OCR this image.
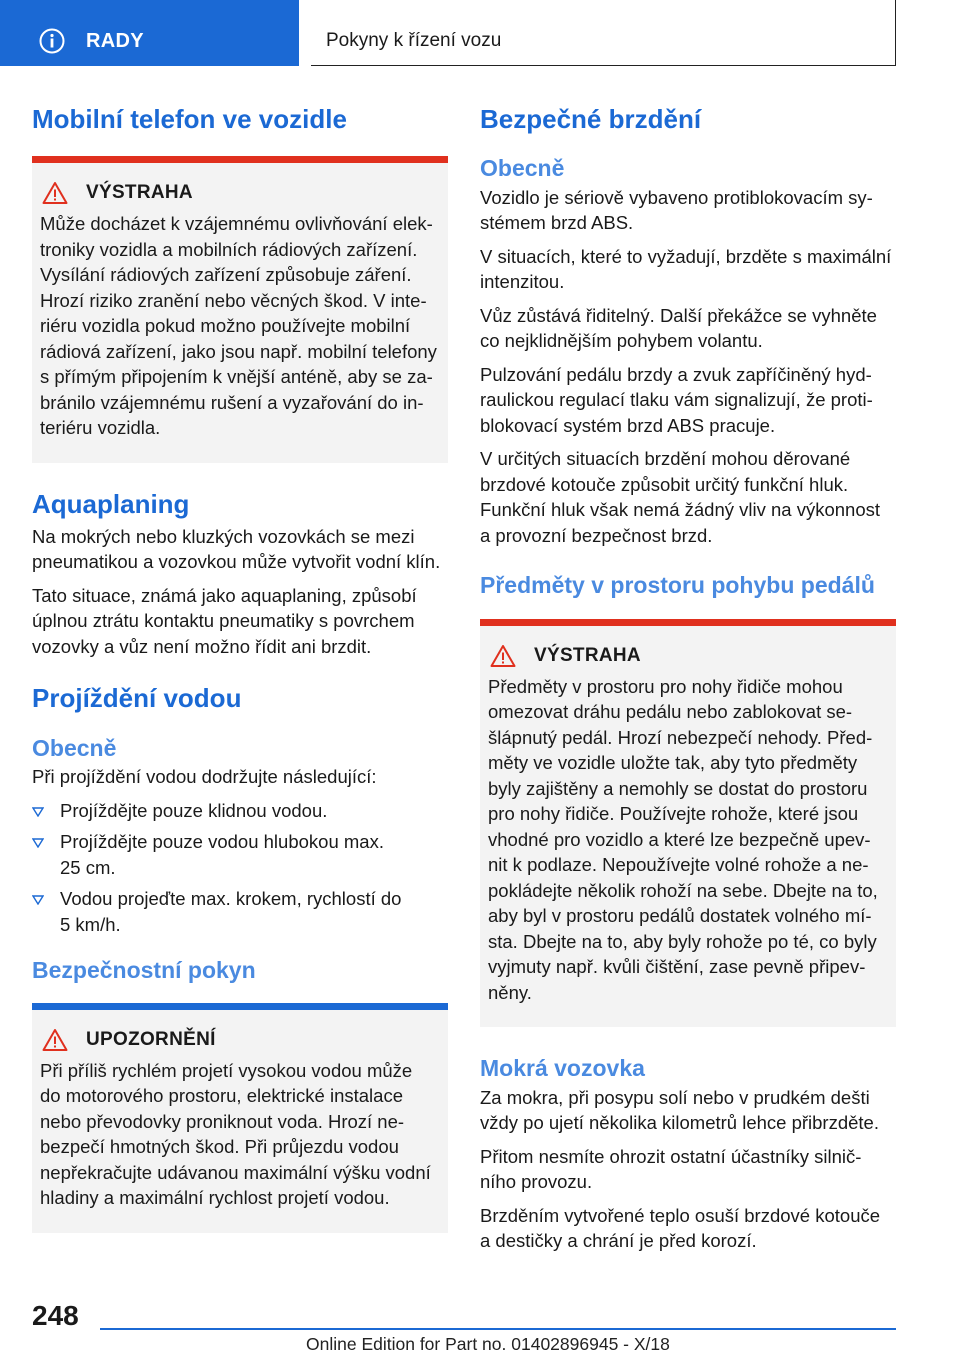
RADY	Pokyny k řízení vozu
Mobilní telefon ve vozidle
VÝSTRAHA

Může docházet k vzájemnému ovlivňování elek-
troniky vozidla a mobilních rádiových zařízení.
Vysílání rádiových zařízení způsobuje záření.
Hrozí riziko zranění nebo věcných škod. V inte-
riéru vozidla pokud možno používejte mobilní
rádiová zařízení, jako jsou např. mobilní telefony
s přímým připojením k vnější anténě, aby se za-
bránilo vzájemnému rušení a vyzařování do in-
teriéru vozidla.

Aquaplaning

Na mokrých nebo kluzkých vozovkách se mezi
pneumatikou a vozovkou může vytvořit vodní klín.

Tato situace, známá jako aquaplaning, způsobí
úplnou ztrátu kontaktu pneumatiky s povrchem
vozovky a vůz není možno řídit ani brzdit.

Projíždění vodou
Obecně

Při projíždění vodou dodržujte následující:

Projíždějte pouze klidnou vodou.
Projíždějte pouze vodou hlubokou max.
25 cm.
Vodou projeďte max. krokem, rychlostí do
5 km/h.
Bezpečnostní pokyn
UPOZORNĚNÍ

Při příliš rychlém projetí vysokou vodou může
do motorového prostoru, elektrické instalace
nebo převodovky proniknout voda. Hrozí ne-
bezpečí hmotných škod. Při průjezdu vodou
nepřekračujte udávanou maximální výšku vodní
hladiny a maximální rychlost projetí vodou.

Bezpečné brzdění
Obecně

Vozidlo je sériově vybaveno protiblokovacím sy-
stémem brzd ABS.

V situacích, které to vyžadují, brzděte s maximální
intenzitou.

Vůz zůstává řiditelný. Další překážce se vyhněte
co nejklidnějším pohybem volantu.

Pulzování pedálu brzdy a zvuk zapříčiněný hyd-
raulickou regulací tlaku vám signalizují, že proti-
blokovací systém brzd ABS pracuje.

V určitých situacích brzdění mohou děrované
brzdové kotouče způsobit určitý funkční hluk.
Funkční hluk však nemá žádný vliv na výkonnost
a provozní bezpečnost brzd.

Předměty v prostoru pohybu pedálů
VÝSTRAHA

Předměty v prostoru pro nohy řidiče mohou
omezovat dráhu pedálu nebo zablokovat se-
šlápnutý pedál. Hrozí nebezpečí nehody. Před-
měty ve vozidle uložte tak, aby tyto předměty
byly zajištěny a nemohly se dostat do prostoru
pro nohy řidiče. Používejte rohože, které jsou
vhodné pro vozidlo a které lze bezpečně upev-
nit k podlaze. Nepoužívejte volné rohože a ne-
pokládejte několik rohoží na sebe. Dbejte na to,
aby byl v prostoru pedálů dostatek volného mí-
sta. Dbejte na to, aby byly rohože po té, co byly
vyjmuty např. kvůli čištění, zase pevně připev-
něny.

Mokrá vozovka

Za mokra, při posypu solí nebo v prudkém dešti
vždy po ujetí několika kilometrů lehce přibrzděte.

Přitom nesmíte ohrozit ostatní účastníky silnič-
ního provozu.

Brzděním vytvořené teplo osuší brzdové kotouče
a destičky a chrání je před korozí.

248
Online Edition for Part no. 01402896945 - X/18
